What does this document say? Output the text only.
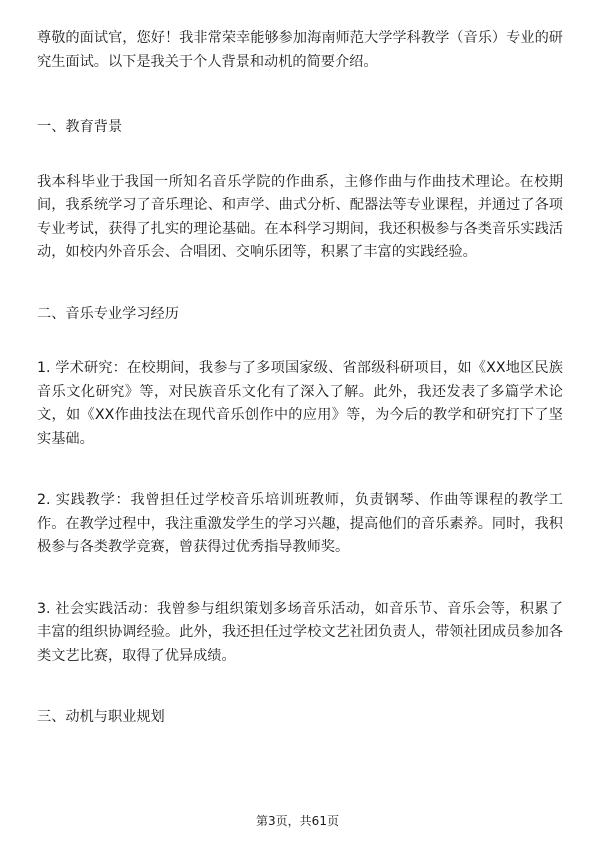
尊敬的面试官，您好！我非常荣幸能够参加海南师范大学学科教学（音乐）专业的研究生面试。以下是我关于个人背景和动机的简要介绍。

一、教育背景

我本科毕业于我国一所知名音乐学院的作曲系，主修作曲与作曲技术理论。在校期间，我系统学习了音乐理论、和声学、曲式分析、配器法等专业课程，并通过了各项专业考试，获得了扎实的理论基础。在本科学习期间，我还积极参与各类音乐实践活动，如校内外音乐会、合唱团、交响乐团等，积累了丰富的实践经验。

二、音乐专业学习经历

1. 学术研究：在校期间，我参与了多项国家级、省部级科研项目，如《XX地区民族音乐文化研究》等，对民族音乐文化有了深入了解。此外，我还发表了多篇学术论文，如《XX作曲技法在现代音乐创作中的应用》等，为今后的教学和研究打下了坚实基础。

2. 实践教学：我曾担任过学校音乐培训班教师，负责钢琴、作曲等课程的教学工作。在教学过程中，我注重激发学生的学习兴趣，提高他们的音乐素养。同时，我积极参与各类教学竞赛，曾获得过优秀指导教师奖。

3. 社会实践活动：我曾参与组织策划多场音乐活动，如音乐节、音乐会等，积累了丰富的组织协调经验。此外，我还担任过学校文艺社团负责人，带领社团成员参加各类文艺比赛，取得了优异成绩。

三、动机与职业规划

第3页，共61页
